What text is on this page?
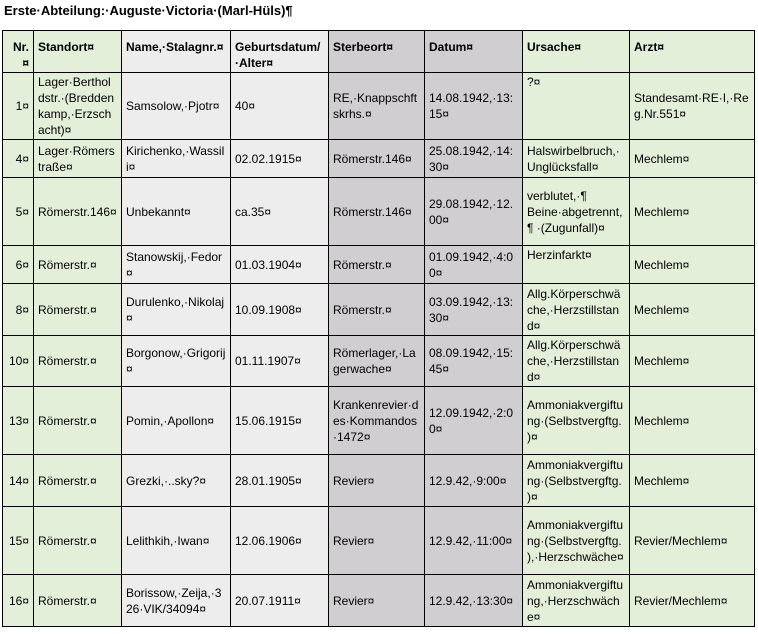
Erste·Abteilung:·Auguste·Victoria·(Marl-Hüls)¶
Nr.¤	Standort¤	Name,·Stalagnr.¤	Geburtsdatum/·Alter¤	Sterbeort¤	Datum¤	Ursache¤	Arzt¤
1¤	Lager·Bertholdstr.·(Breddenkamp,·Erzschacht)¤	Samsolow,·Pjotr¤	40¤	RE,·Knappschftskrhs.¤	14.08.1942,·13:15¤	?¤	Standesamt·RE·I,·Reg.Nr.551¤
4¤	Lager·Römerstraße¤	Kirichenko,·Wassili¤	02.02.1915¤	Römerstr.146¤	25.08.1942,·14:30¤	Halswirbelbruch,·Unglücksfall¤	Mechlem¤
5¤	Römerstr.146¤	Unbekannt¤	ca.35¤	Römerstr.146¤	29.08.1942,·12.00¤	verblutet,·¶ Beine·abgetrennt,¶ ·(Zugunfall)¤	Mechlem¤
6¤	Römerstr.¤	Stanowskij,·Fedor¤	01.03.1904¤	Römerstr.¤	01.09.1942,·4:00¤	Herzinfarkt¤	Mechlem¤
8¤	Römerstr.¤	Durulenko,·Nikolaj¤	10.09.1908¤	Römerstr.¤	03.09.1942,·13:30¤	Allg.Körperschwäche,·Herzstillstand¤	Mechlem¤
10¤	Römerstr.¤	Borgonow,·Grigorij¤	01.11.1907¤	Römerlager,·Lagerwache¤	08.09.1942,·15:45¤	Allg.Körperschwäche,·Herzstillstand¤	Mechlem¤
13¤	Römerstr.¤	Pomin,·Apollon¤	15.06.1915¤	Krankenrevier·des·Kommandos·1472¤	12.09.1942,·2:00¤	Ammoniakvergiftung·(Selbstvergftg.)¤	Mechlem¤
14¤	Römerstr.¤	Grezki,·..sky?¤	28.01.1905¤	Revier¤	12.9.42,·9:00¤	Ammoniakvergiftung·(Selbstvergftg.)¤	Mechlem¤
15¤	Römerstr.¤	Lelithkih,·Iwan¤	12.06.1906¤	Revier¤	12.9.42,·11:00¤	Ammoniakvergiftung·(Selbstvergftg.),·Herzschwäche¤	Revier/Mechlem¤
16¤	Römerstr.¤	Borissow,·Zeija,·326·VIK/34094¤	20.07.1911¤	Revier¤	12.9.42,·13:30¤	Ammoniakvergiftung,·Herzschwäche¤	Revier/Mechlem¤
